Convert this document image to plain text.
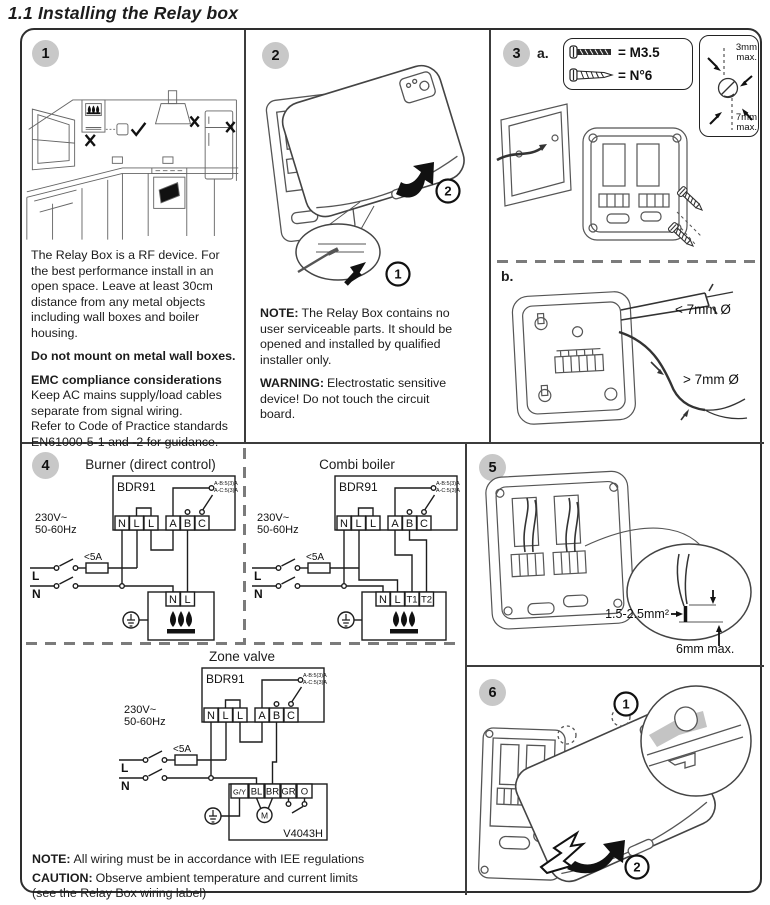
1.1 Installing the Relay box
1

The Relay Box is a RF device. For the best performance install in an open space. Leave at least 30cm distance from any metal objects including wall boxes and boiler housing.

Do not mount on metal wall boxes.

EMC compliance considerations

Keep AC mains supply/load cables separate from signal wiring.

Refer to Code of Practice standards EN61000-5-1 and -2 for guidance.

2
1
2

NOTE: The Relay Box contains no user serviceable parts. It should be opened and installed by qualified installer only.

WARNING: Electrostatic sensitive device! Do not touch the circuit board.

3	a.	= M3.5
= N°6
3mm
max.
7mm
max.
b.
< 7mm Ø
> 7mm Ø
4	Burner (direct control)	Combi boiler
Zone valve
BDR91	A-B:5(3)A
A-C:5(3)A
N L L A B C
230V~
50-60Hz
<5A
L
N	N L
BDR91	A-B:5(3)A
A-C:5(3)A
N L L A B C
230V~
50-60Hz
<5A
L
N	N L T1 T2
BDR91	A-B:5(3)A
A-C:5(3)A
N L L A B C
230V~
50-60Hz
<5A
L
N	G/Y BL BR GR O
M
V4043H

NOTE: All wiring must be in accordance with IEE regulations

CAUTION: Observe ambient temperature and current limits

(see the Relay Box wiring label)

5
1.5-2.5mm²
6mm max.
6
1
2
